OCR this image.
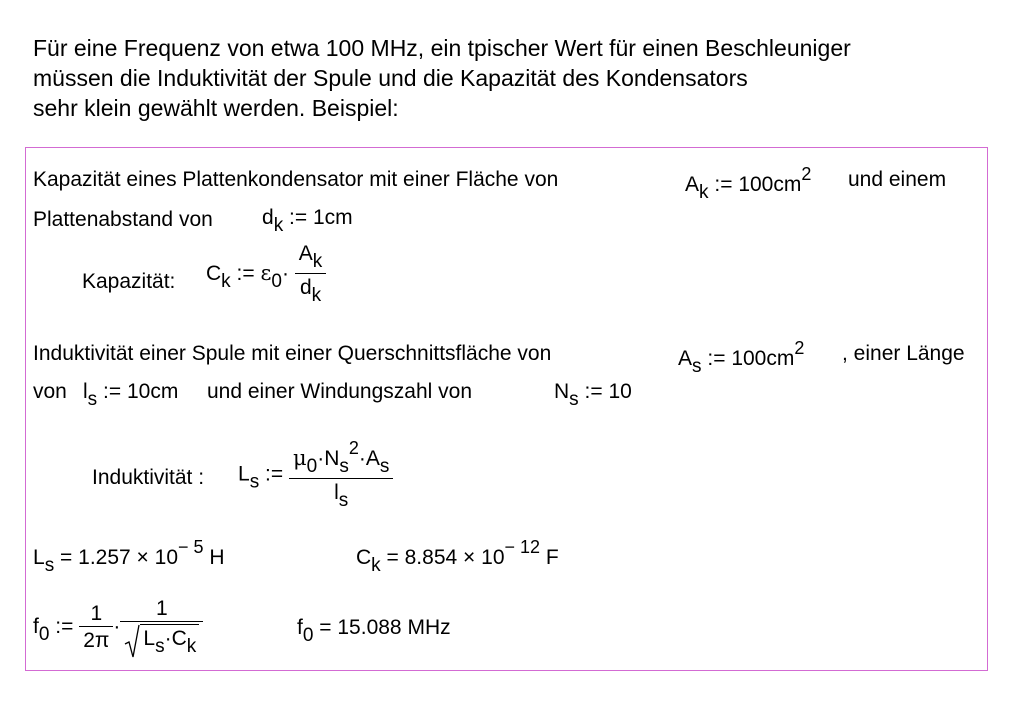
Für eine Frequenz von etwa 100 MHz, ein tpischer Wert für einen Beschleuniger
müssen die Induktivität der Spule und die Kapazität des Kondensators
sehr klein gewählt werden. Beispiel:
Kapazität eines Plattenkondensator mit einer Fläche von	Ak := 100cm2 und einem
Plattenabstand von dk := 1cm
Kapazität: Ck := $\varepsilon 0\cdot \frac{Ak}{dk}$
Induktivität einer Spule mit einer Querschnittsfläche von	As := 100cm2 , einer Länge
von ls := 10cm und einer Windungszahl von	Ns := 10
Induktivität : Ls := $\frac{\mu 0\cdot Ns2\cdot As}{ls}$
Ls = 1.257 × 10− 5 H	Ck = 8.854 × 10− 12 F
f0 := $\frac{1}{2\pi} \cdot \frac{1}{Ls\cdot Ck}$	f0 = 15.088 MHz
